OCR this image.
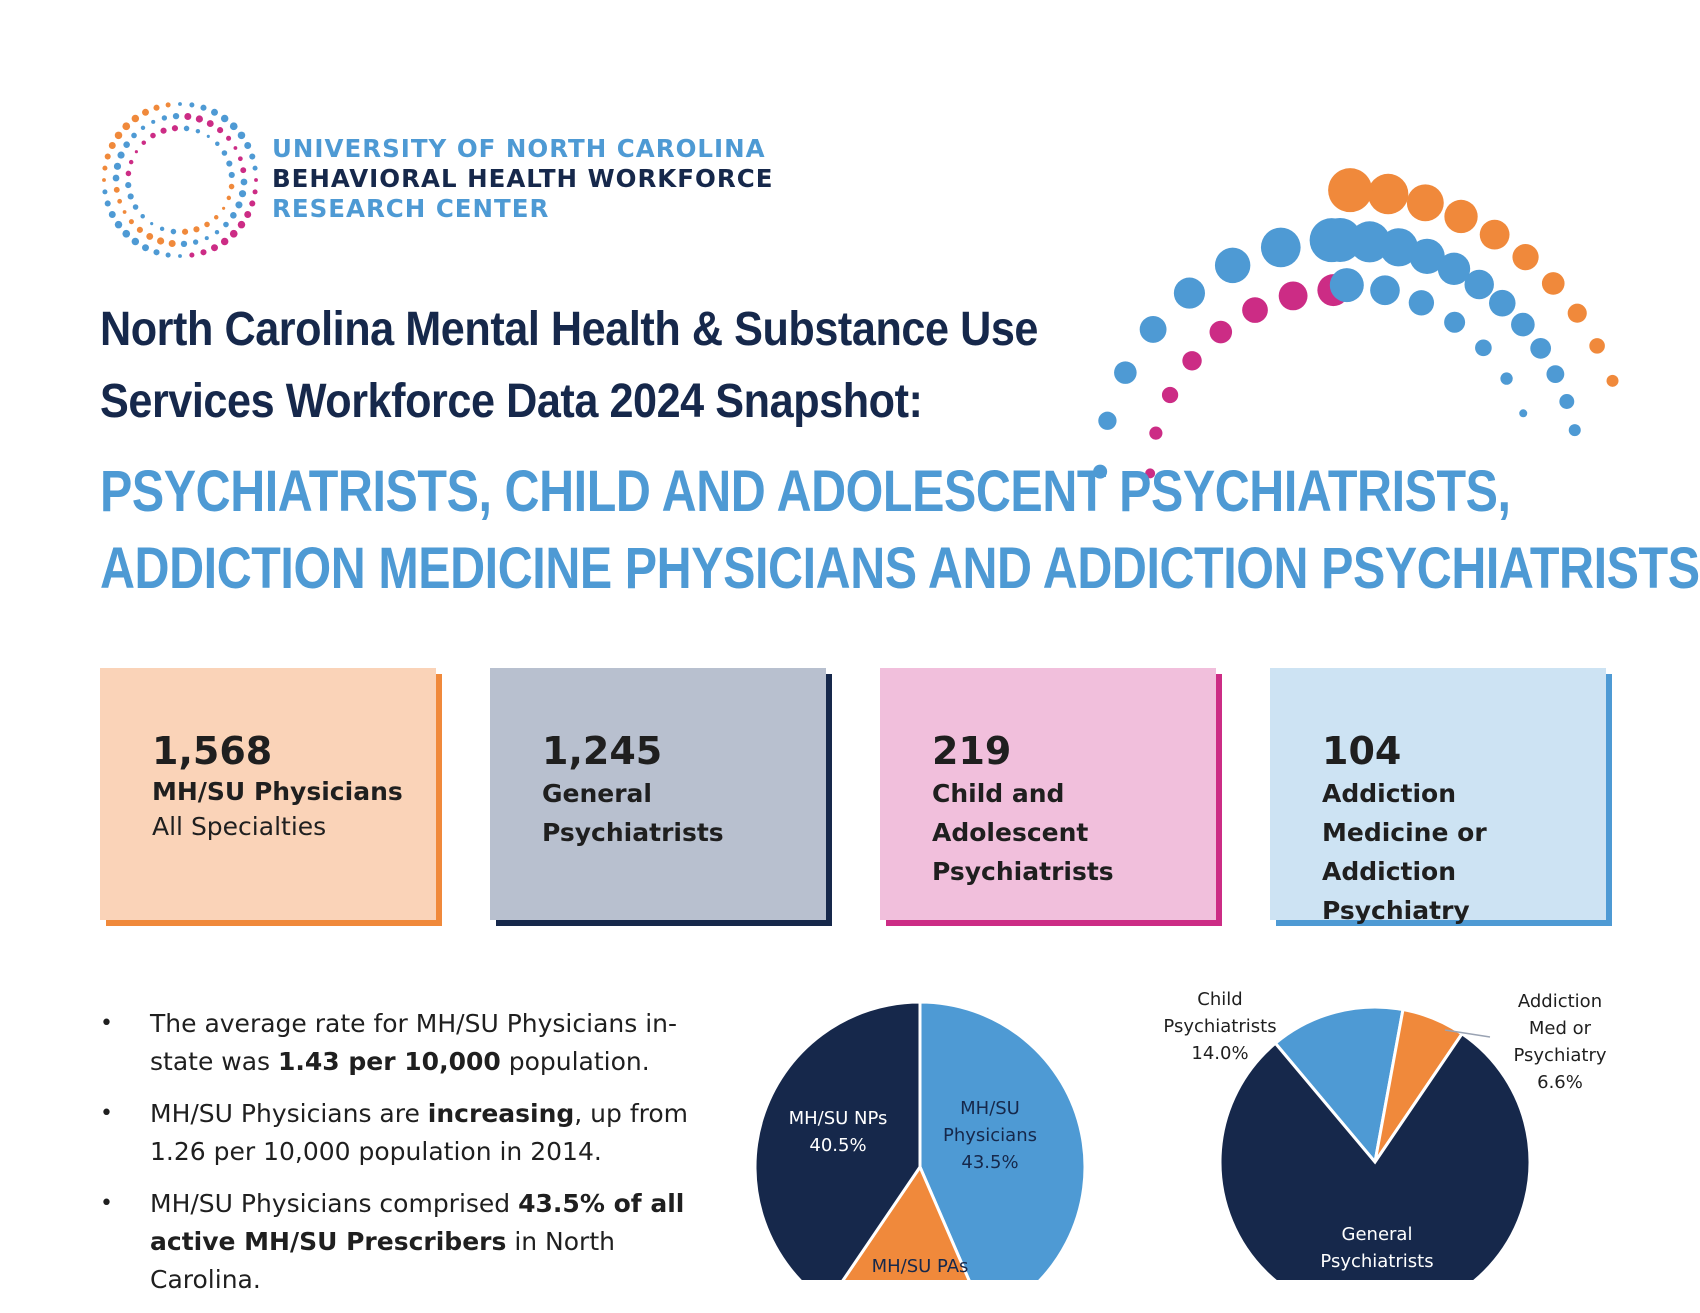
UNIVERSITY OF NORTH CAROLINA
BEHAVIORAL HEALTH WORKFORCE
RESEARCH CENTER
North Carolina Mental Health & Substance Use
Services Workforce Data 2024 Snapshot:
PSYCHIATRISTS, CHILD AND ADOLESCENT PSYCHIATRISTS,
ADDICTION MEDICINE PHYSICIANS AND ADDICTION PSYCHIATRISTS
1,568
MH/SU Physicians
All Specialties
1,245
General Psychiatrists
219
Child and Adolescent Psychiatrists
104
Addiction Medicine or Addiction Psychiatry
• The average rate for MH/SU Physicians in-state was 1.43 per 10,000 population.
• MH/SU Physicians are increasing, up from 1.26 per 10,000 population in 2014.
• MH/SU Physicians comprised 43.5% of all active MH/SU Prescribers in North Carolina.
MH/SU Physicians 43.5%
MH/SU NPs 40.5%
MH/SU PAs
General Psychiatrists
Child Psychiatrists 14.0%
Addiction Med or Psychiatry 6.6%
